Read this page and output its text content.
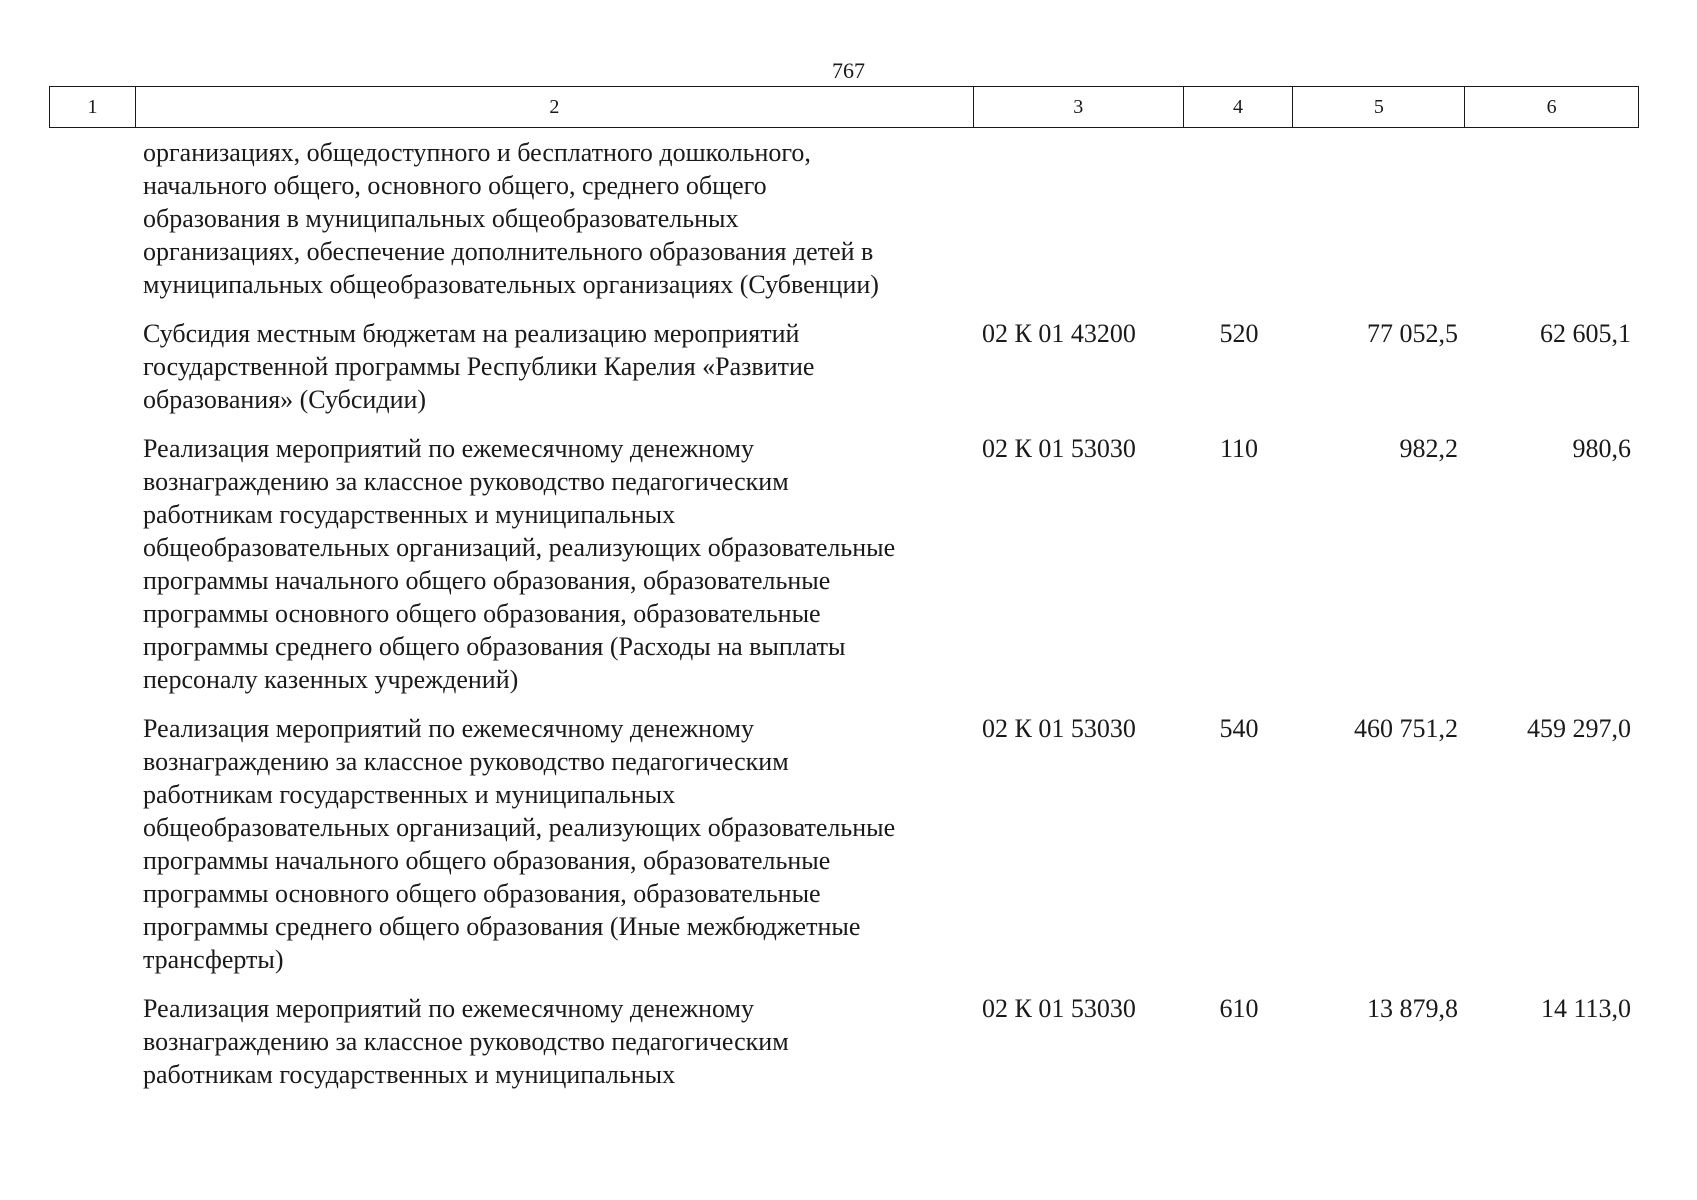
767
1	2	3	4	5	6
организациях, общедоступного и бесплатного дошкольного,
начального общего, основного общего, среднего общего
образования в муниципальных общеобразовательных
организациях, обеспечение дополнительного образования детей в
муниципальных общеобразовательных организациях (Субвенции)
Субсидия местным бюджетам на реализацию мероприятий
государственной программы Республики Карелия «Развитие
образования» (Субсидии)
02 К 01 43200	520	77 052,5	62 605,1
Реализация мероприятий по ежемесячному денежному
вознаграждению за классное руководство педагогическим
работникам государственных и муниципальных
общеобразовательных организаций, реализующих образовательные
программы начального общего образования, образовательные
программы основного общего образования, образовательные
программы среднего общего образования (Расходы на выплаты
персоналу казенных учреждений)
02 К 01 53030	110	982,2	980,6
Реализация мероприятий по ежемесячному денежному
вознаграждению за классное руководство педагогическим
работникам государственных и муниципальных
общеобразовательных организаций, реализующих образовательные
программы начального общего образования, образовательные
программы основного общего образования, образовательные
программы среднего общего образования (Иные межбюджетные
трансферты)
02 К 01 53030	540	460 751,2	459 297,0
Реализация мероприятий по ежемесячному денежному
вознаграждению за классное руководство педагогическим
работникам государственных и муниципальных
02 К 01 53030	610	13 879,8	14 113,0
